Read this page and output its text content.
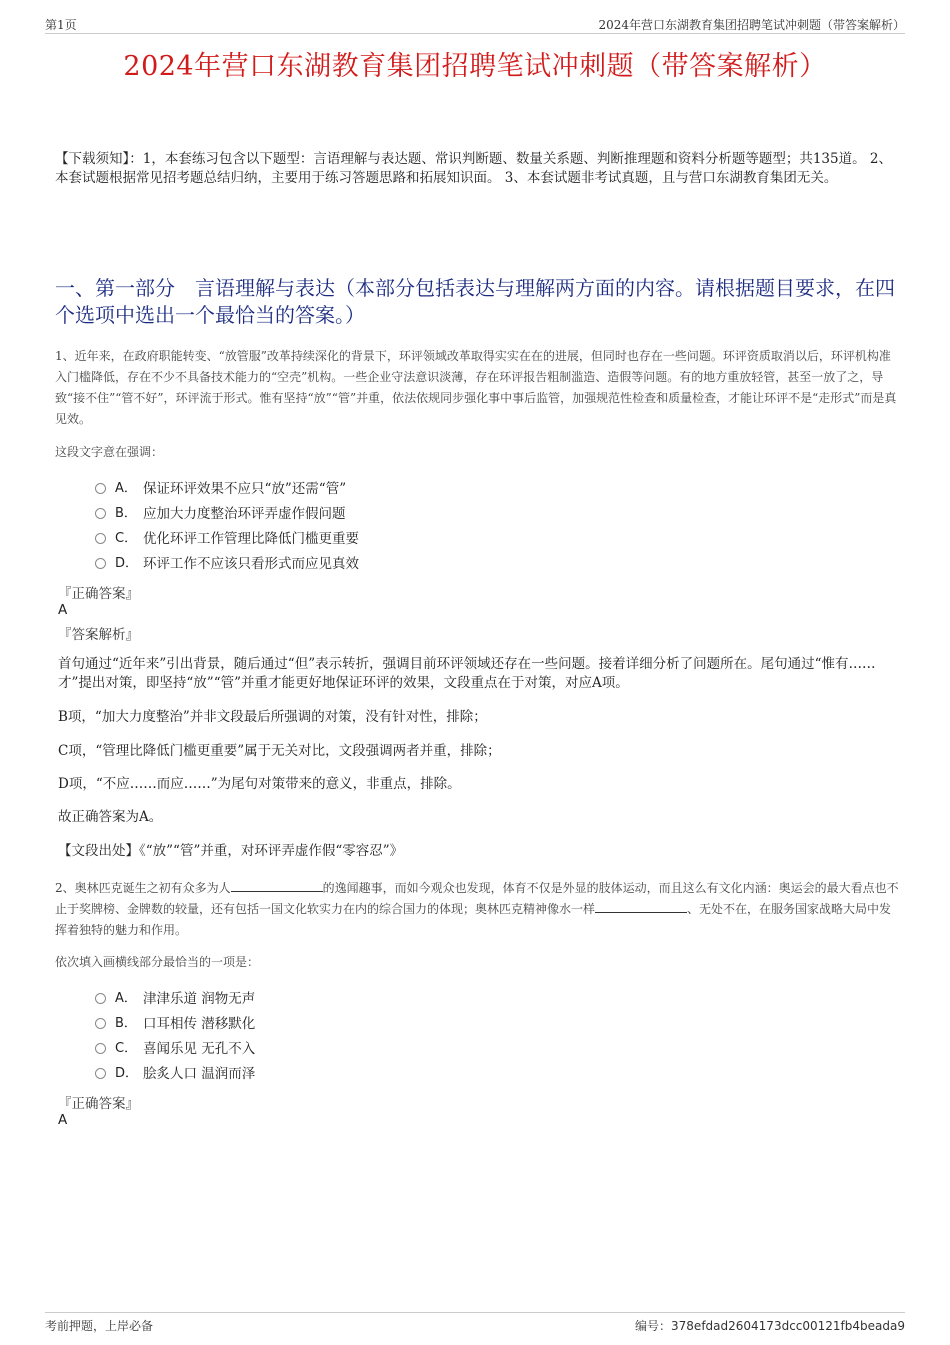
第1页	2024年营口东湖教育集团招聘笔试冲刺题（带答案解析）
2024年营口东湖教育集团招聘笔试冲刺题（带答案解析）
【下载须知】：1，本套练习包含以下题型：言语理解与表达题、常识判断题、数量关系题、判断推理题和资料分析题等题型；共135道。 2、本套试题根据常见招考题总结归纳，主要用于练习答题思路和拓展知识面。 3、本套试题非考试真题，且与营口东湖教育集团无关。
一、第一部分　言语理解与表达（本部分包括表达与理解两方面的内容。请根据题目要求，在四个选项中选出一个最恰当的答案。）
1、近年来，在政府职能转变、“放管服”改革持续深化的背景下，环评领域改革取得实实在在的进展，但同时也存在一些问题。环评资质取消以后，环评机构准入门槛降低，存在不少不具备技术能力的“空壳”机构。一些企业守法意识淡薄，存在环评报告粗制滥造、造假等问题。有的地方重放轻管，甚至一放了之，导致“接不住”“管不好”，环评流于形式。惟有坚持“放”“管”并重，依法依规同步强化事中事后监管，加强规范性检查和质量检查，才能让环评不是“走形式”而是真见效。
这段文字意在强调：
A． 保证环评效果不应只“放”还需“管”
B． 应加大力度整治环评弄虚作假问题
C． 优化环评工作管理比降低门槛更重要
D． 环评工作不应该只看形式而应见真效
『正确答案』
A
『答案解析』
首句通过“近年来”引出背景，随后通过“但”表示转折，强调目前环评领域还存在一些问题。接着详细分析了问题所在。尾句通过“惟有……才”提出对策，即坚持“放”“管”并重才能更好地保证环评的效果，文段重点在于对策，对应A项。
B项，“加大力度整治”并非文段最后所强调的对策，没有针对性，排除；
C项，“管理比降低门槛更重要”属于无关对比，文段强调两者并重，排除；
D项，“不应……而应……”为尾句对策带来的意义，非重点，排除。
故正确答案为A。
【文段出处】《“放”“管”并重，对环评弄虚作假“零容忍”》
2、奥林匹克诞生之初有众多为人	的逸闻趣事，而如今观众也发现，体育不仅是外显的肢体运动，而且这么有文化内涵：奥运会的最大看点也不止于奖牌榜、金牌数的较量，还有包括一国文化软实力在内的综合国力的体现；奥林匹克精神像水一样	、无处不在，在服务国家战略大局中发挥着独特的魅力和作用。
依次填入画横线部分最恰当的一项是：
A． 津津乐道 润物无声
B． 口耳相传 潜移默化
C． 喜闻乐见 无孔不入
D． 脍炙人口 温润而泽
『正确答案』
A
考前押题，上岸必备	编号：378efdad2604173dcc00121fb4beada9
